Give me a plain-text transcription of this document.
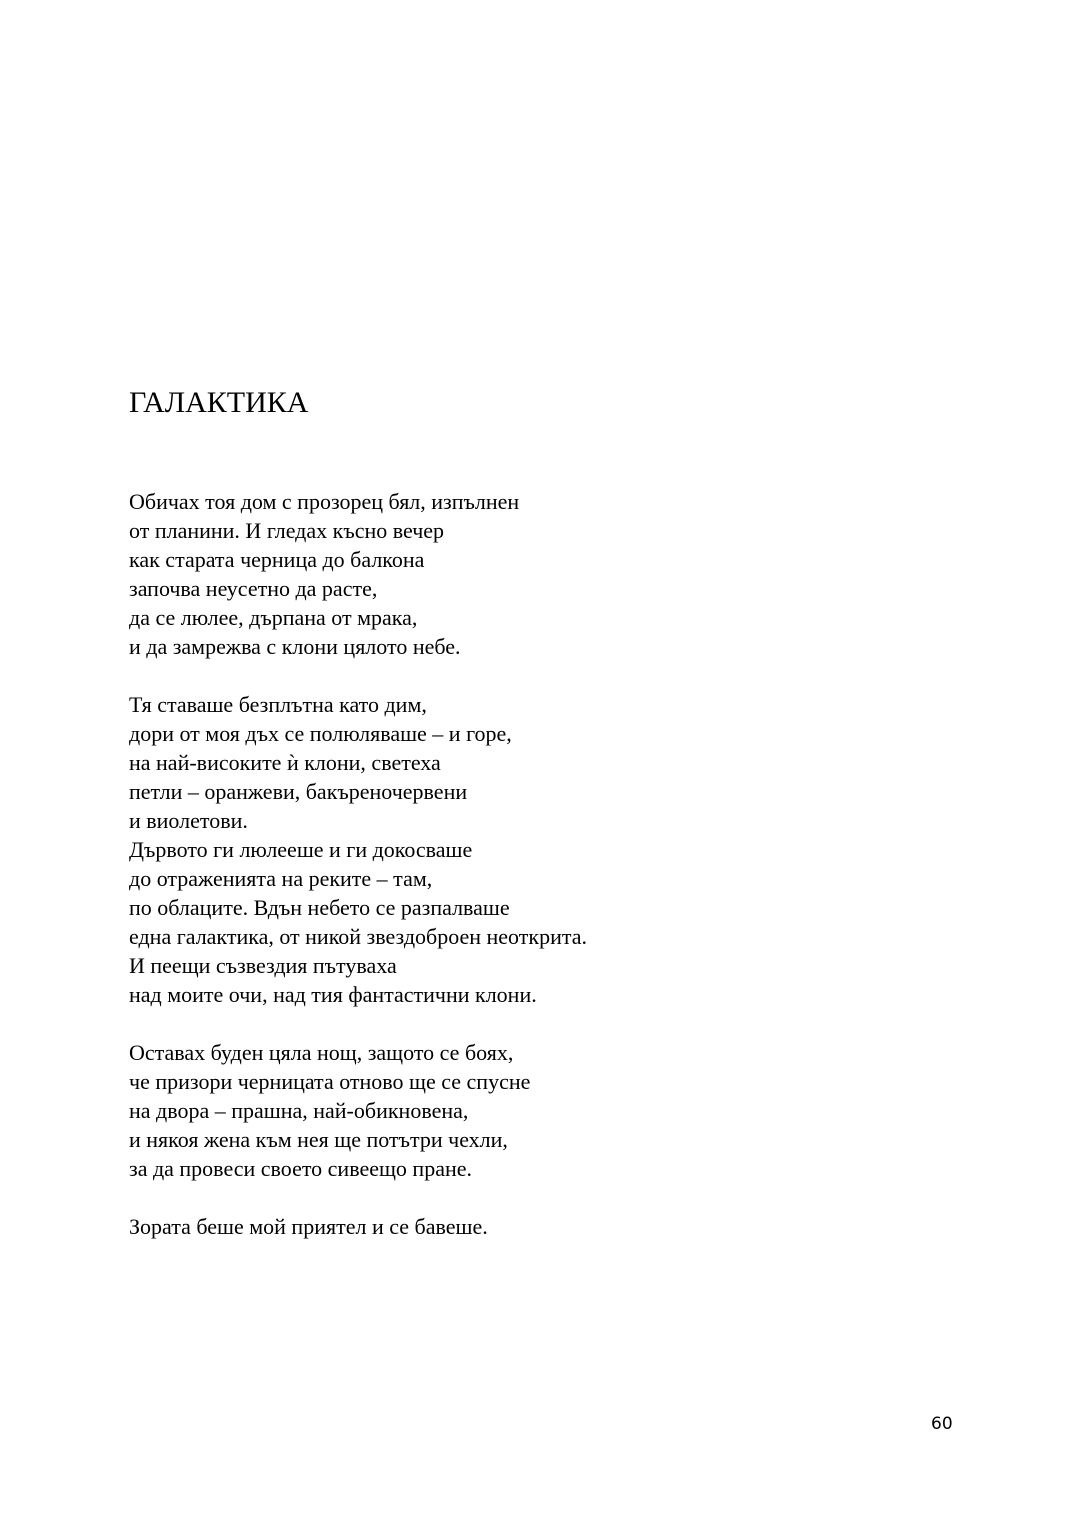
ГАЛАКТИКА

Обичах тоя дом с прозорец бял, изпълнен
от планини. И гледах късно вечер
как старата черница до балкона
започва неусетно да расте,
да се люлее, дърпана от мрака,
и да замрежва с клони цялото небе.

Тя ставаше безплътна като дим,
дори от моя дъх се полюляваше – и горе,
на най-високите ѝ клони, светеха
петли – оранжеви, бакъреночервени
и виолетови.
Дървото ги люлееше и ги докосваше
до отраженията на реките – там,
по облаците. Вдън небето се разпалваше
една галактика, от никой звездоброен неоткрита.
И пеещи съзвездия пътуваха
над моите очи, над тия фантастични клони.

Оставах буден цяла нощ, защото се боях,
че призори черницата отново ще се спусне
на двора – прашна, най-обикновена,
и някоя жена към нея ще потътри чехли,
за да провеси своето сивеещо пране.

Зората беше мой приятел и се бавеше.

60
